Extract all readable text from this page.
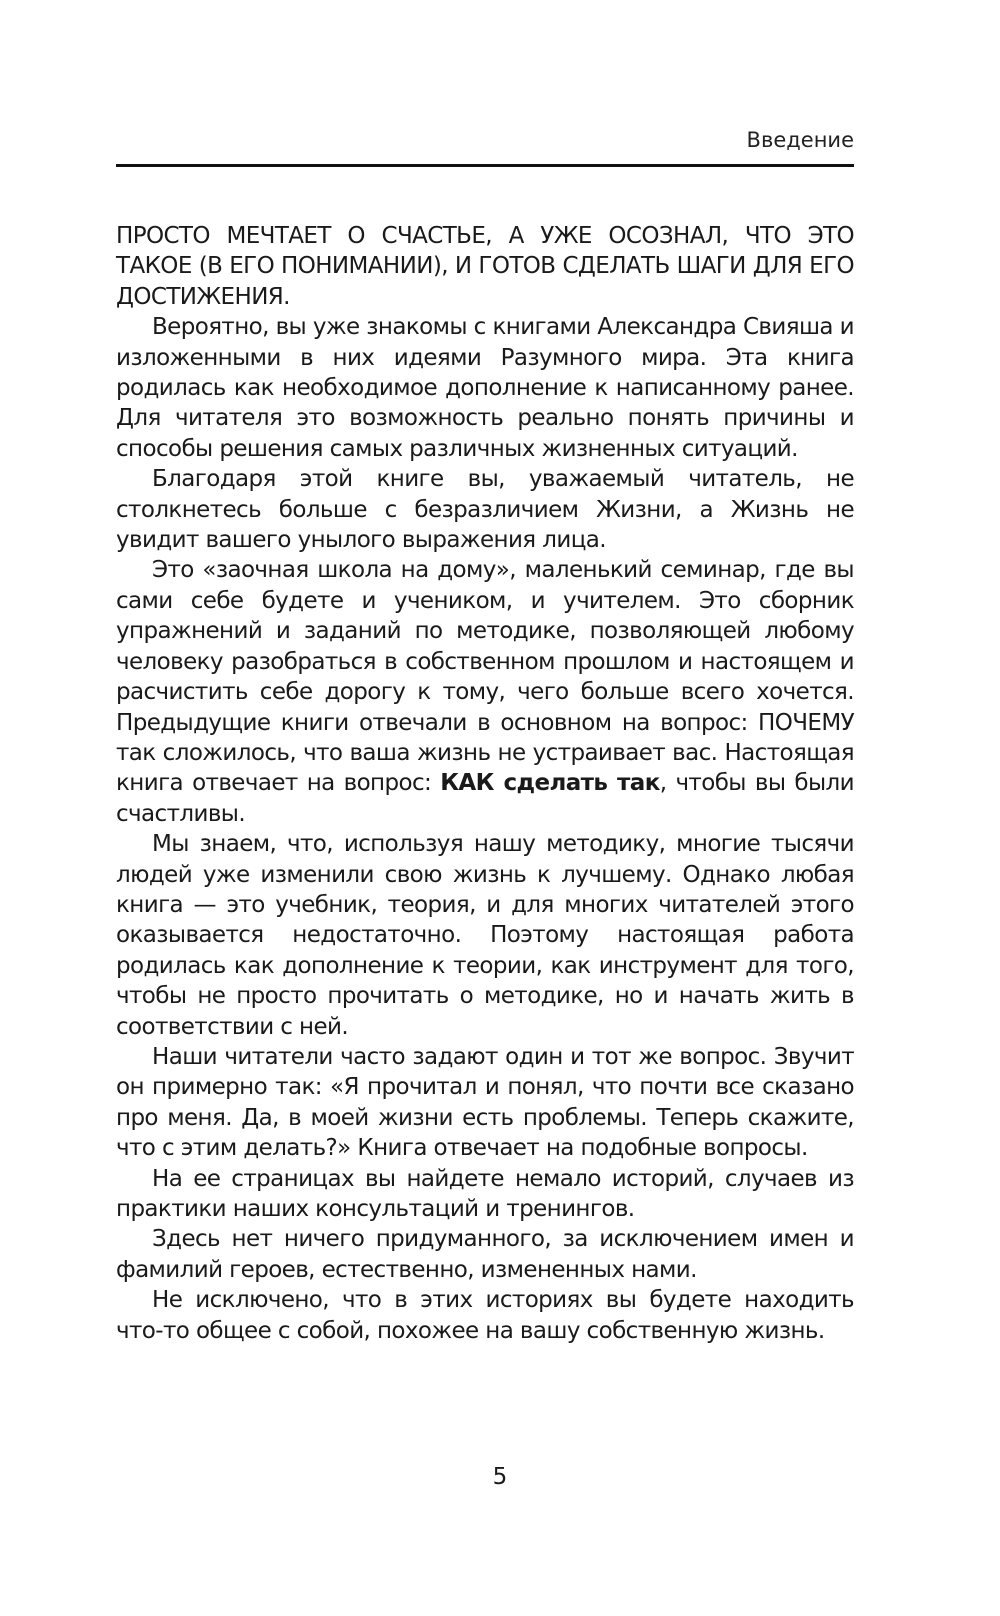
Введение

ПРОСТО МЕЧТАЕТ О СЧАСТЬЕ, А УЖЕ ОСОЗНАЛ, ЧТО ЭТО ТАКОЕ (В ЕГО ПОНИМАНИИ), И ГОТОВ СДЕЛАТЬ ШАГИ ДЛЯ ЕГО ДОСТИЖЕНИЯ.

Вероятно, вы уже знакомы с книгами Александра Свияша и изложенными в них идеями Разумного мира. Эта книга родилась как необходимое дополнение к написанному ранее. Для читателя это возможность реально понять причины и способы решения самых различных жизненных ситуаций.

Благодаря этой книге вы, уважаемый читатель, не столкнетесь больше с безразличием Жизни, а Жизнь не увидит вашего унылого выражения лица.

Это «заочная школа на дому», маленький семинар, где вы сами себе будете и учеником, и учителем. Это сборник упражнений и заданий по методике, позволяющей любому человеку разобраться в собственном прошлом и настоящем и расчистить себе дорогу к тому, чего больше всего хочется. Предыдущие книги отвечали в основном на вопрос: ПОЧЕМУ так сложилось, что ваша жизнь не устраивает вас. Настоящая книга отвечает на вопрос: КАК сделать так, чтобы вы были счастливы.

Мы знаем, что, используя нашу методику, многие тысячи людей уже изменили свою жизнь к лучшему. Однако любая книга — это учебник, теория, и для многих читателей этого оказывается недостаточно. Поэтому настоящая работа родилась как дополнение к теории, как инструмент для того, чтобы не просто прочитать о методике, но и начать жить в соответствии с ней.

Наши читатели часто задают один и тот же вопрос. Звучит он примерно так: «Я прочитал и понял, что почти все сказано про меня. Да, в моей жизни есть проблемы. Теперь скажите, что с этим делать?» Книга отвечает на подобные вопросы.

На ее страницах вы найдете немало историй, случаев из практики наших консультаций и тренингов.

Здесь нет ничего придуманного, за исключением имен и фамилий героев, естественно, измененных нами.

Не исключено, что в этих историях вы будете находить что-то общее с собой, похожее на вашу собственную жизнь.

5
